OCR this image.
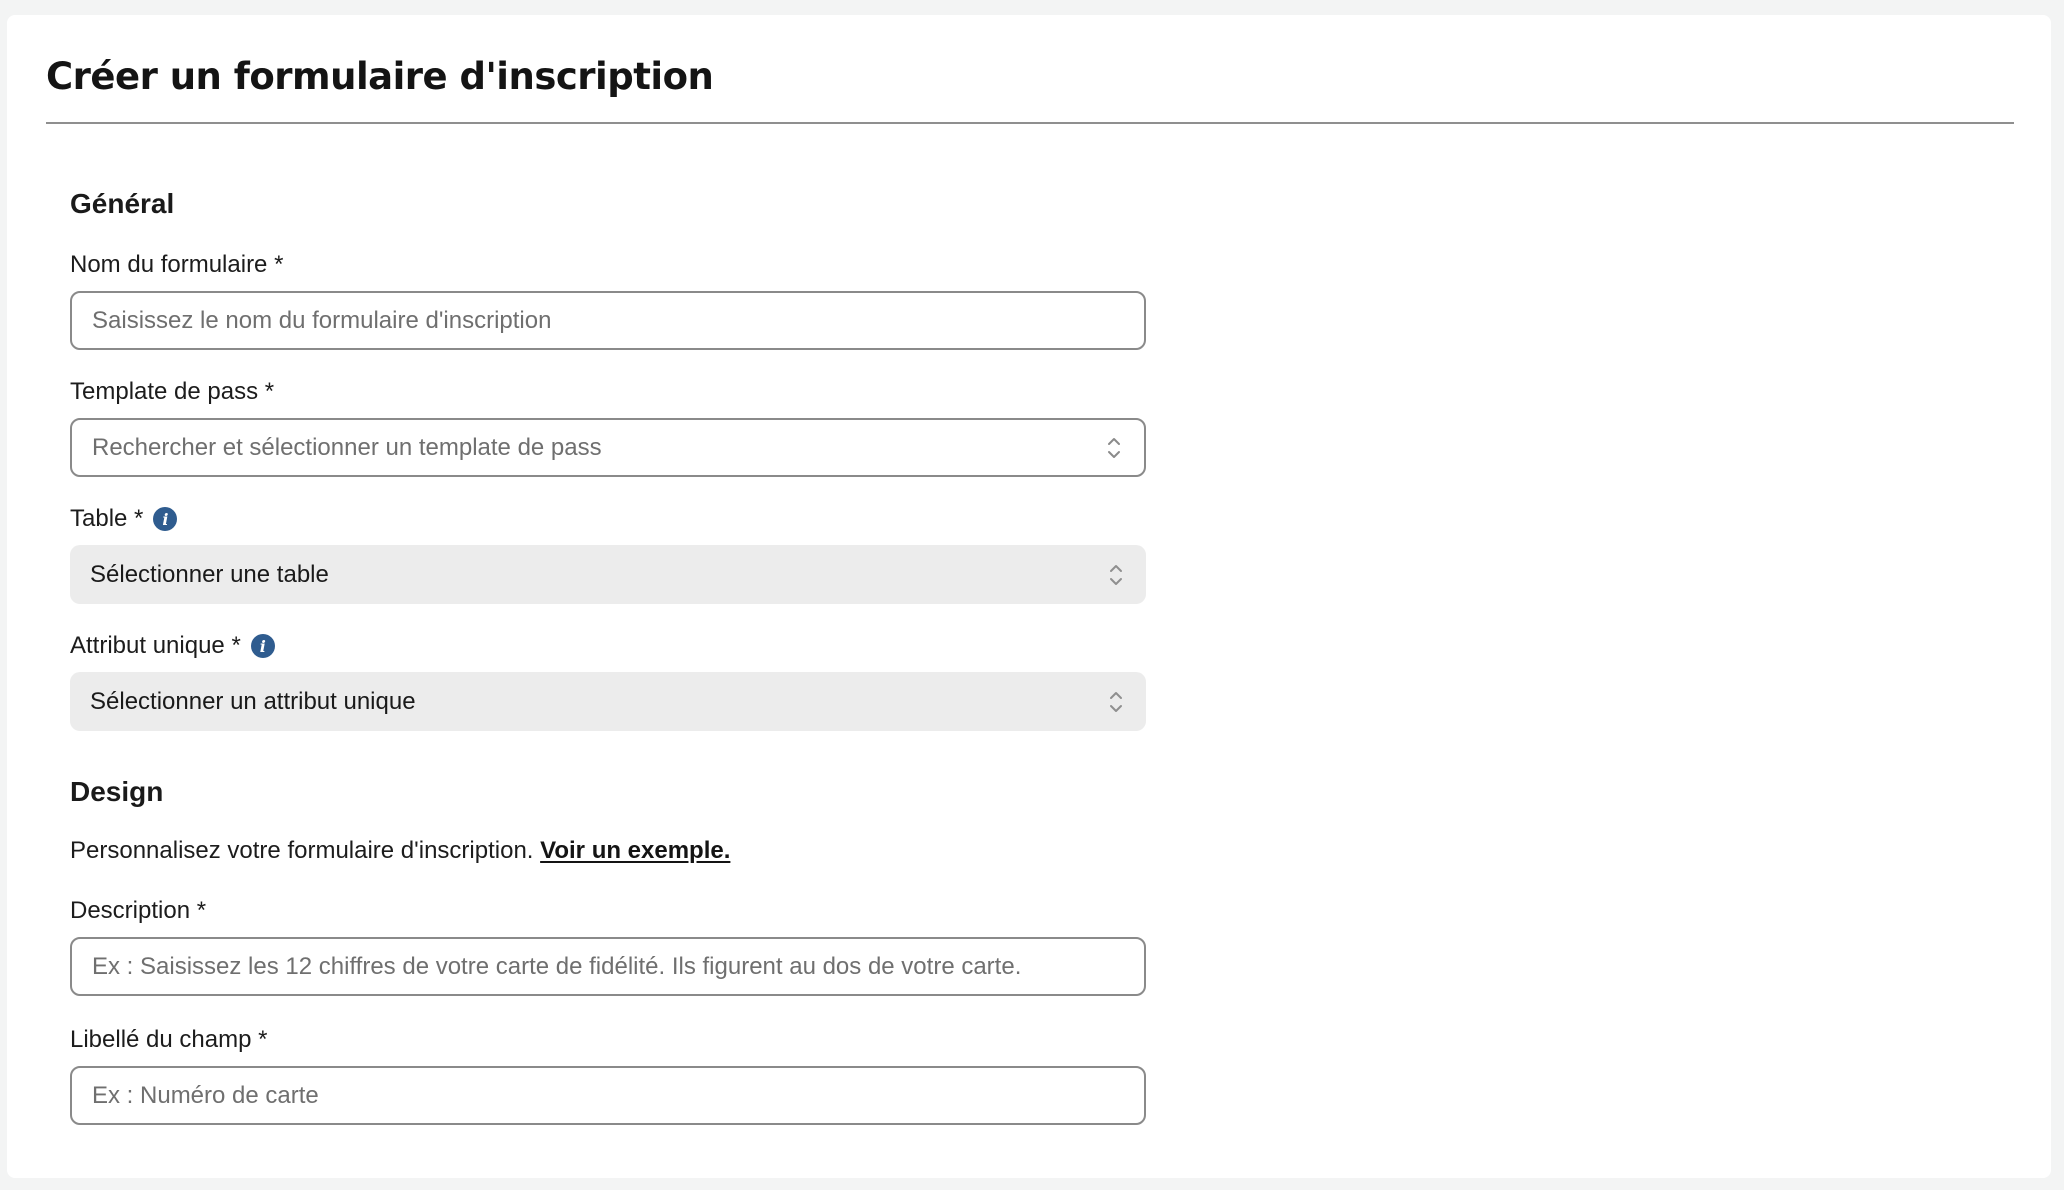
Créer un formulaire d'inscription
Général
Nom du formulaire *
Saisissez le nom du formulaire d'inscription
Template de pass *
Rechercher et sélectionner un template de pass
Table *	i
Sélectionner une table
Attribut unique *	i
Sélectionner un attribut unique
Design
Personnalisez votre formulaire d'inscription. Voir un exemple.
Description *
Ex : Saisissez les 12 chiffres de votre carte de fidélité. Ils figurent au dos de votre carte.
Libellé du champ *
Ex : Numéro de carte
